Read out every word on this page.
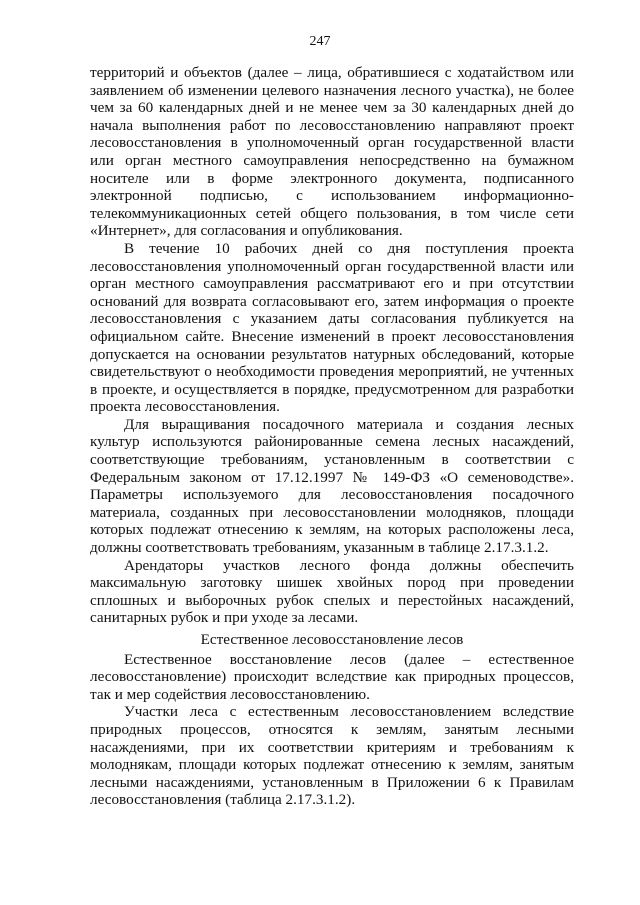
247

территорий и объектов (далее – лица, обратившиеся с ходатайством или заявлением об изменении целевого назначения лесного участка), не более чем за 60 календарных дней и не менее чем за 30 календарных дней до начала выполнения работ по лесовосстановлению направляют проект лесовосстановления в уполномоченный орган государственной власти или орган местного самоуправления непосредственно на бумажном носителе или в форме электронного документа, подписанного электронной подписью, с использованием информационно-телекоммуникационных сетей общего пользования, в том числе сети «Интернет», для согласования и опубликования.

В течение 10 рабочих дней со дня поступления проекта лесовосстановления уполномоченный орган государственной власти или орган местного самоуправления рассматривают его и при отсутствии оснований для возврата согласовывают его, затем информация о проекте лесовосстановления с указанием даты согласования публикуется на официальном сайте. Внесение изменений в проект лесовосстановления допускается на основании результатов натурных обследований, которые свидетельствуют о необходимости проведения мероприятий, не учтенных в проекте, и осуществляется в порядке, предусмотренном для разработки проекта лесовосстановления.

Для выращивания посадочного материала и создания лесных культур используются районированные семена лесных насаждений, соответствующие требованиям, установленным в соответствии с Федеральным законом от 17.12.1997 № 149-ФЗ «О семеноводстве». Параметры используемого для лесовосстановления посадочного материала, созданных при лесовосстановлении молодняков, площади которых подлежат отнесению к землям, на которых расположены леса, должны соответствовать требованиям, указанным в таблице 2.17.3.1.2.

Арендаторы участков лесного фонда должны обеспечить максимальную заготовку шишек хвойных пород при проведении сплошных и выборочных рубок спелых и перестойных насаждений, санитарных рубок и при уходе за лесами.

Естественное лесовосстановление лесов

Естественное восстановление лесов (далее – естественное лесовосстановление) происходит вследствие как природных процессов, так и мер содействия лесовосстановлению.

Участки леса с естественным лесовосстановлением вследствие природных процессов, относятся к землям, занятым лесными насаждениями, при их соответствии критериям и требованиям к молоднякам, площади которых подлежат отнесению к землям, занятым лесными насаждениями, установленным в Приложении 6 к Правилам лесовосстановления (таблица 2.17.3.1.2).
